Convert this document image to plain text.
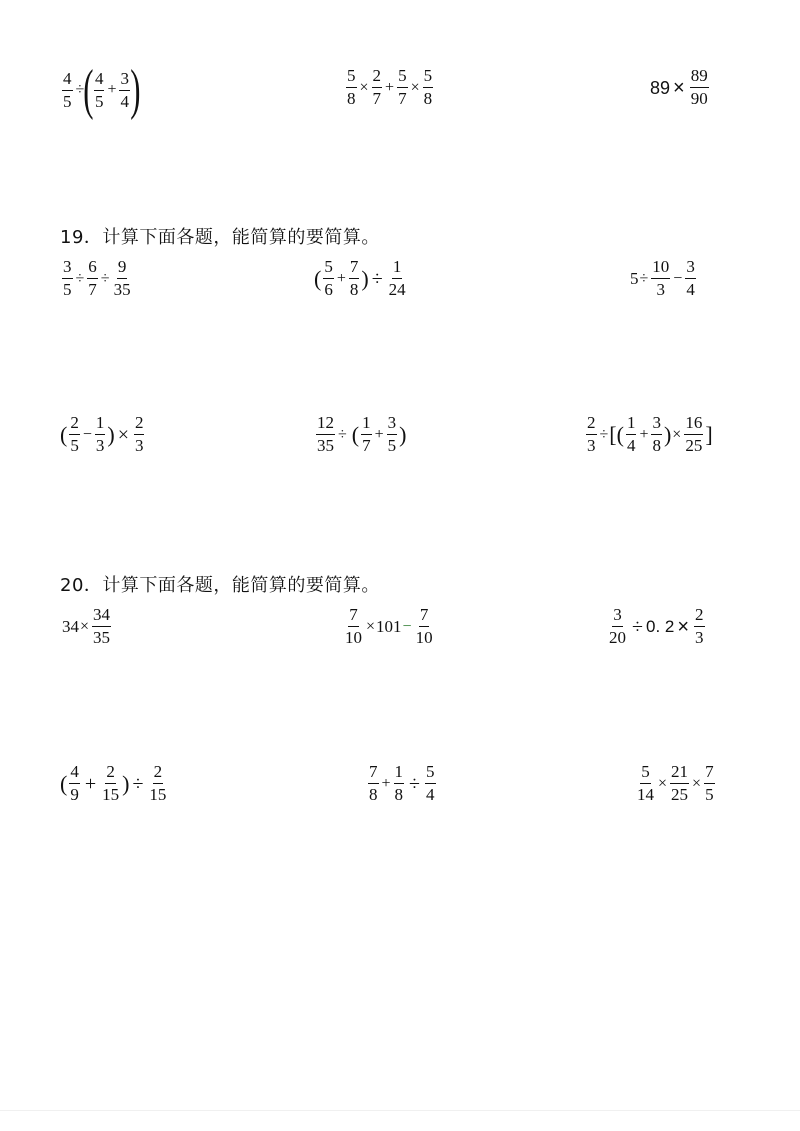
$\frac{4}{5}$ ÷ ( $\frac{4}{5} + \frac{3}{4}$ )	$\frac{5}{8} \times \frac{2}{7} + \frac{5}{7} \times \frac{5}{8}$	$89 \times \frac{89}{90}$
19．计算下面各题，能简算的要简算。
$\frac{3}{5} \div \frac{6}{7} \div \frac{9}{35}$	( $\frac{5}{6} + \frac{7}{8}$ ) ÷ $\frac{1}{24}$	$5 \div \frac{10}{3} - \frac{3}{4}$
( $\frac{2}{5} - \frac{1}{3}$ ) × $\frac{2}{3}$	$\frac{12}{35}$ ÷ ( $\frac{1}{7} + \frac{3}{5}$ )	$\frac{2}{3}$ ÷ [( $\frac{1}{4} + \frac{3}{8}$ ) × $\frac{16}{25}$ ]
20．计算下面各题，能简算的要简算。
$34 \times \frac{34}{35}$	$\frac{7}{10} \times 101 - \frac{7}{10}$	$\frac{3}{20} \div 0$. $2 \times \frac{2}{3}$
( $\frac{4}{9} + \frac{2}{15}$ ) ÷ $\frac{2}{15}$	$\frac{7}{8} + \frac{1}{8} \div \frac{5}{4}$	$\frac{5}{14} \times \frac{21}{25} \times \frac{7}{5}$
